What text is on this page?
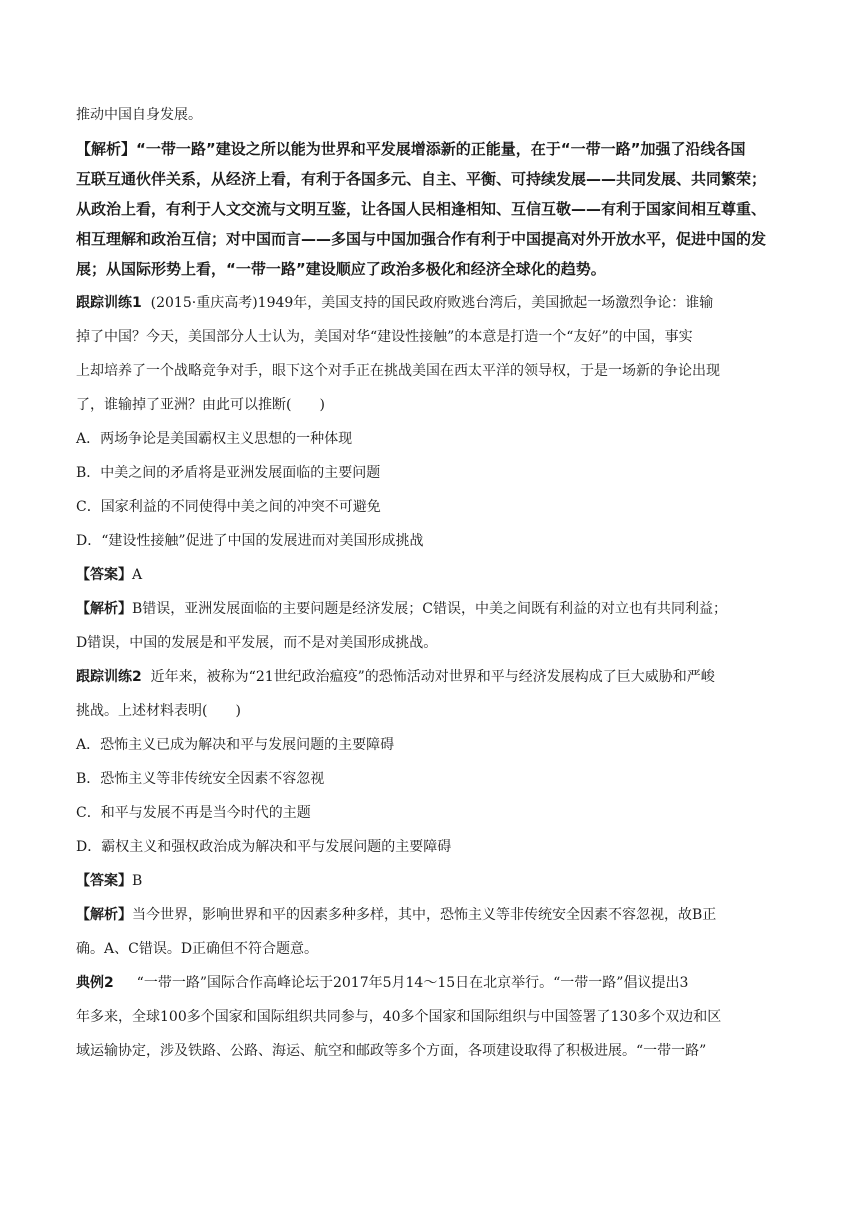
推动中国自身发展。
【解析】“一带一路”建设之所以能为世界和平发展增添新的正能量，在于“一带一路”加强了沿线各国
互联互通伙伴关系，从经济上看，有利于各国多元、自主、平衡、可持续发展——共同发展、共同繁荣；
从政治上看，有利于人文交流与文明互鉴，让各国人民相逢相知、互信互敬——有利于国家间相互尊重、
相互理解和政治互信；对中国而言——多国与中国加强合作有利于中国提高对外开放水平，促进中国的发
展；从国际形势上看，“一带一路”建设顺应了政治多极化和经济全球化的趋势。
跟踪训练1 (2015·重庆高考)1949年，美国支持的国民政府败逃台湾后，美国掀起一场激烈争论：谁输
掉了中国？今天，美国部分人士认为，美国对华“建设性接触”的本意是打造一个“友好”的中国，事实
上却培养了一个战略竞争对手，眼下这个对手正在挑战美国在西太平洋的领导权，于是一场新的争论出现
了，谁输掉了亚洲？由此可以推断(　　)
A．两场争论是美国霸权主义思想的一种体现
B．中美之间的矛盾将是亚洲发展面临的主要问题
C．国家利益的不同使得中美之间的冲突不可避免
D．“建设性接触”促进了中国的发展进而对美国形成挑战
【答案】A
【解析】B错误，亚洲发展面临的主要问题是经济发展；C错误，中美之间既有利益的对立也有共同利益；
D错误，中国的发展是和平发展，而不是对美国形成挑战。
跟踪训练2 近年来，被称为“21世纪政治瘟疫”的恐怖活动对世界和平与经济发展构成了巨大威胁和严峻
挑战。上述材料表明(　　)
A．恐怖主义已成为解决和平与发展问题的主要障碍
B．恐怖主义等非传统安全因素不容忽视
C．和平与发展不再是当今时代的主题
D．霸权主义和强权政治成为解决和平与发展问题的主要障碍
【答案】B
【解析】当今世界，影响世界和平的因素多种多样，其中，恐怖主义等非传统安全因素不容忽视，故B正
确。A、C错误。D正确但不符合题意。
典例2  　“一带一路”国际合作高峰论坛于2017年5月14～15日在北京举行。“一带一路”倡议提出3
年多来，全球100多个国家和国际组织共同参与，40多个国家和国际组织与中国签署了130多个双边和区
域运输协定，涉及铁路、公路、海运、航空和邮政等多个方面，各项建设取得了积极进展。“一带一路”
